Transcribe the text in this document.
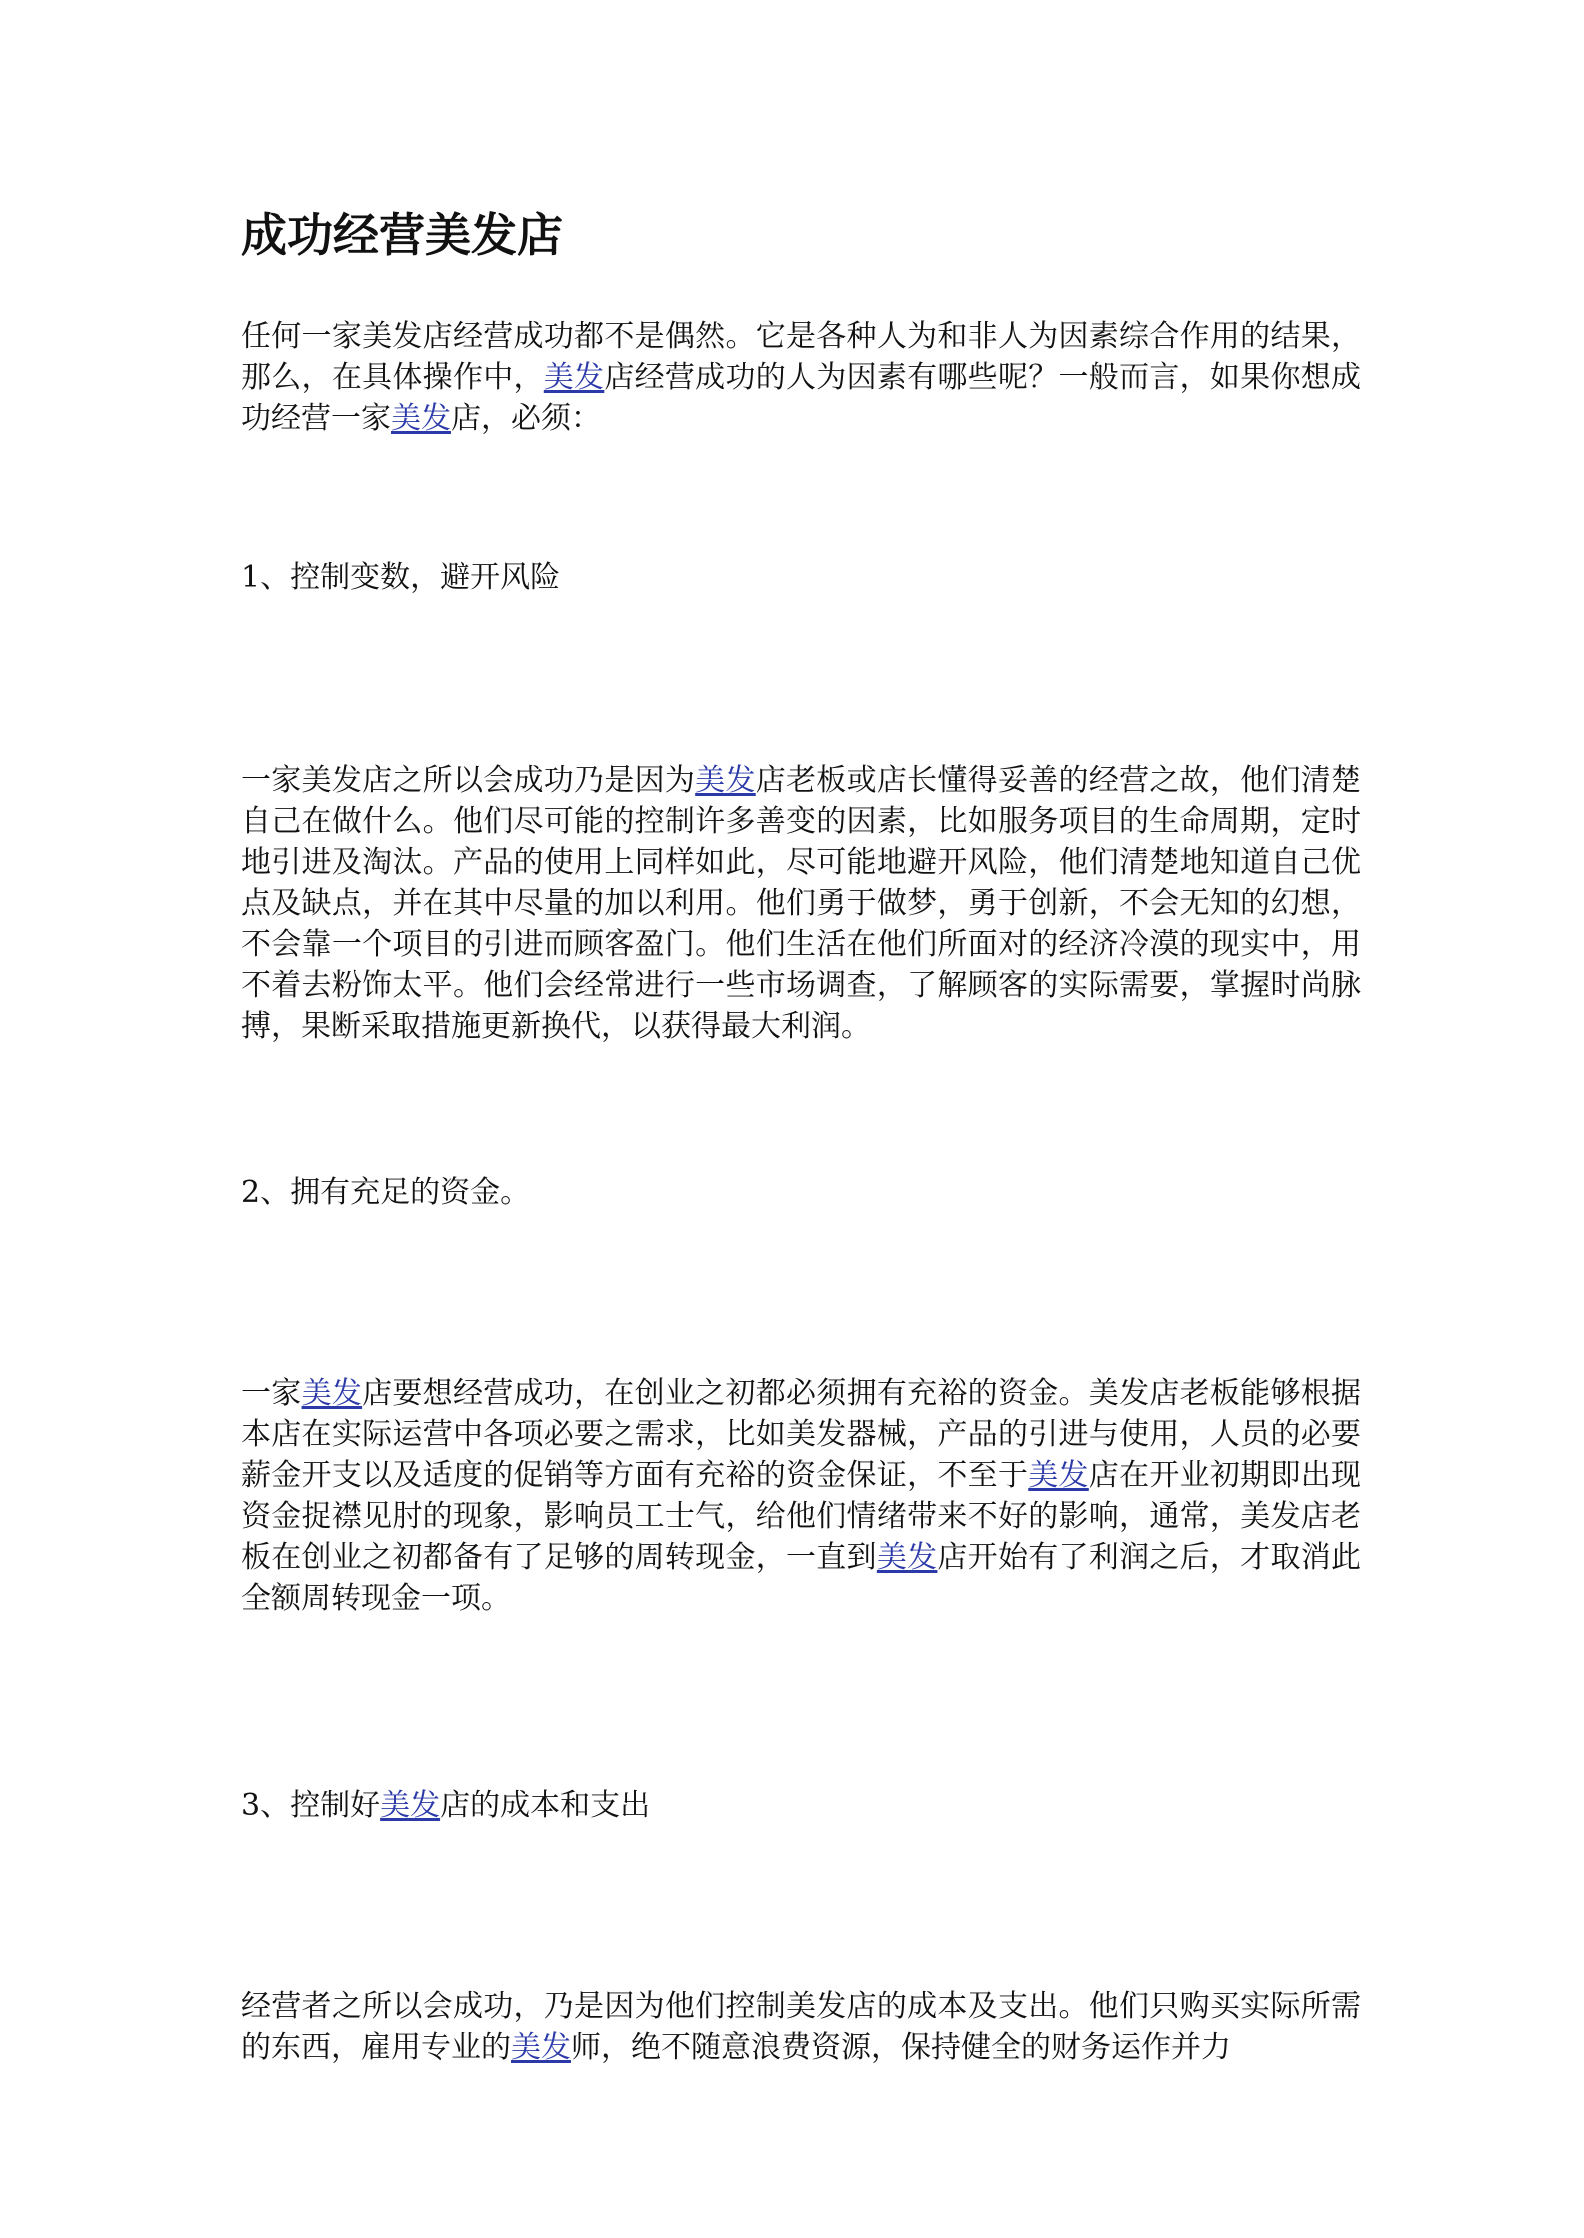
成功经营美发店

任何一家美发店经营成功都不是偶然。它是各种人为和非人为因素综合作用的结果，那么，在具体操作中，美发店经营成功的人为因素有哪些呢？一般而言，如果你想成功经营一家美发店，必须：

1、控制变数，避开风险

一家美发店之所以会成功乃是因为美发店老板或店长懂得妥善的经营之故，他们清楚自己在做什么。他们尽可能的控制许多善变的因素，比如服务项目的生命周期，定时地引进及淘汰。产品的使用上同样如此，尽可能地避开风险，他们清楚地知道自己优点及缺点，并在其中尽量的加以利用。他们勇于做梦，勇于创新，不会无知的幻想，不会靠一个项目的引进而顾客盈门。他们生活在他们所面对的经济冷漠的现实中，用不着去粉饰太平。他们会经常进行一些市场调查，了解顾客的实际需要，掌握时尚脉搏，果断采取措施更新换代，以获得最大利润。

2、拥有充足的资金。

一家美发店要想经营成功，在创业之初都必须拥有充裕的资金。美发店老板能够根据本店在实际运营中各项必要之需求，比如美发器械，产品的引进与使用，人员的必要薪金开支以及适度的促销等方面有充裕的资金保证，不至于美发店在开业初期即出现资金捉襟见肘的现象，影响员工士气，给他们情绪带来不好的影响，通常，美发店老板在创业之初都备有了足够的周转现金，一直到美发店开始有了利润之后，才取消此全额周转现金一项。

3、控制好美发店的成本和支出

经营者之所以会成功，乃是因为他们控制美发店的成本及支出。他们只购买实际所需的东西，雇用专业的美发师，绝不随意浪费资源，保持健全的财务运作并力
